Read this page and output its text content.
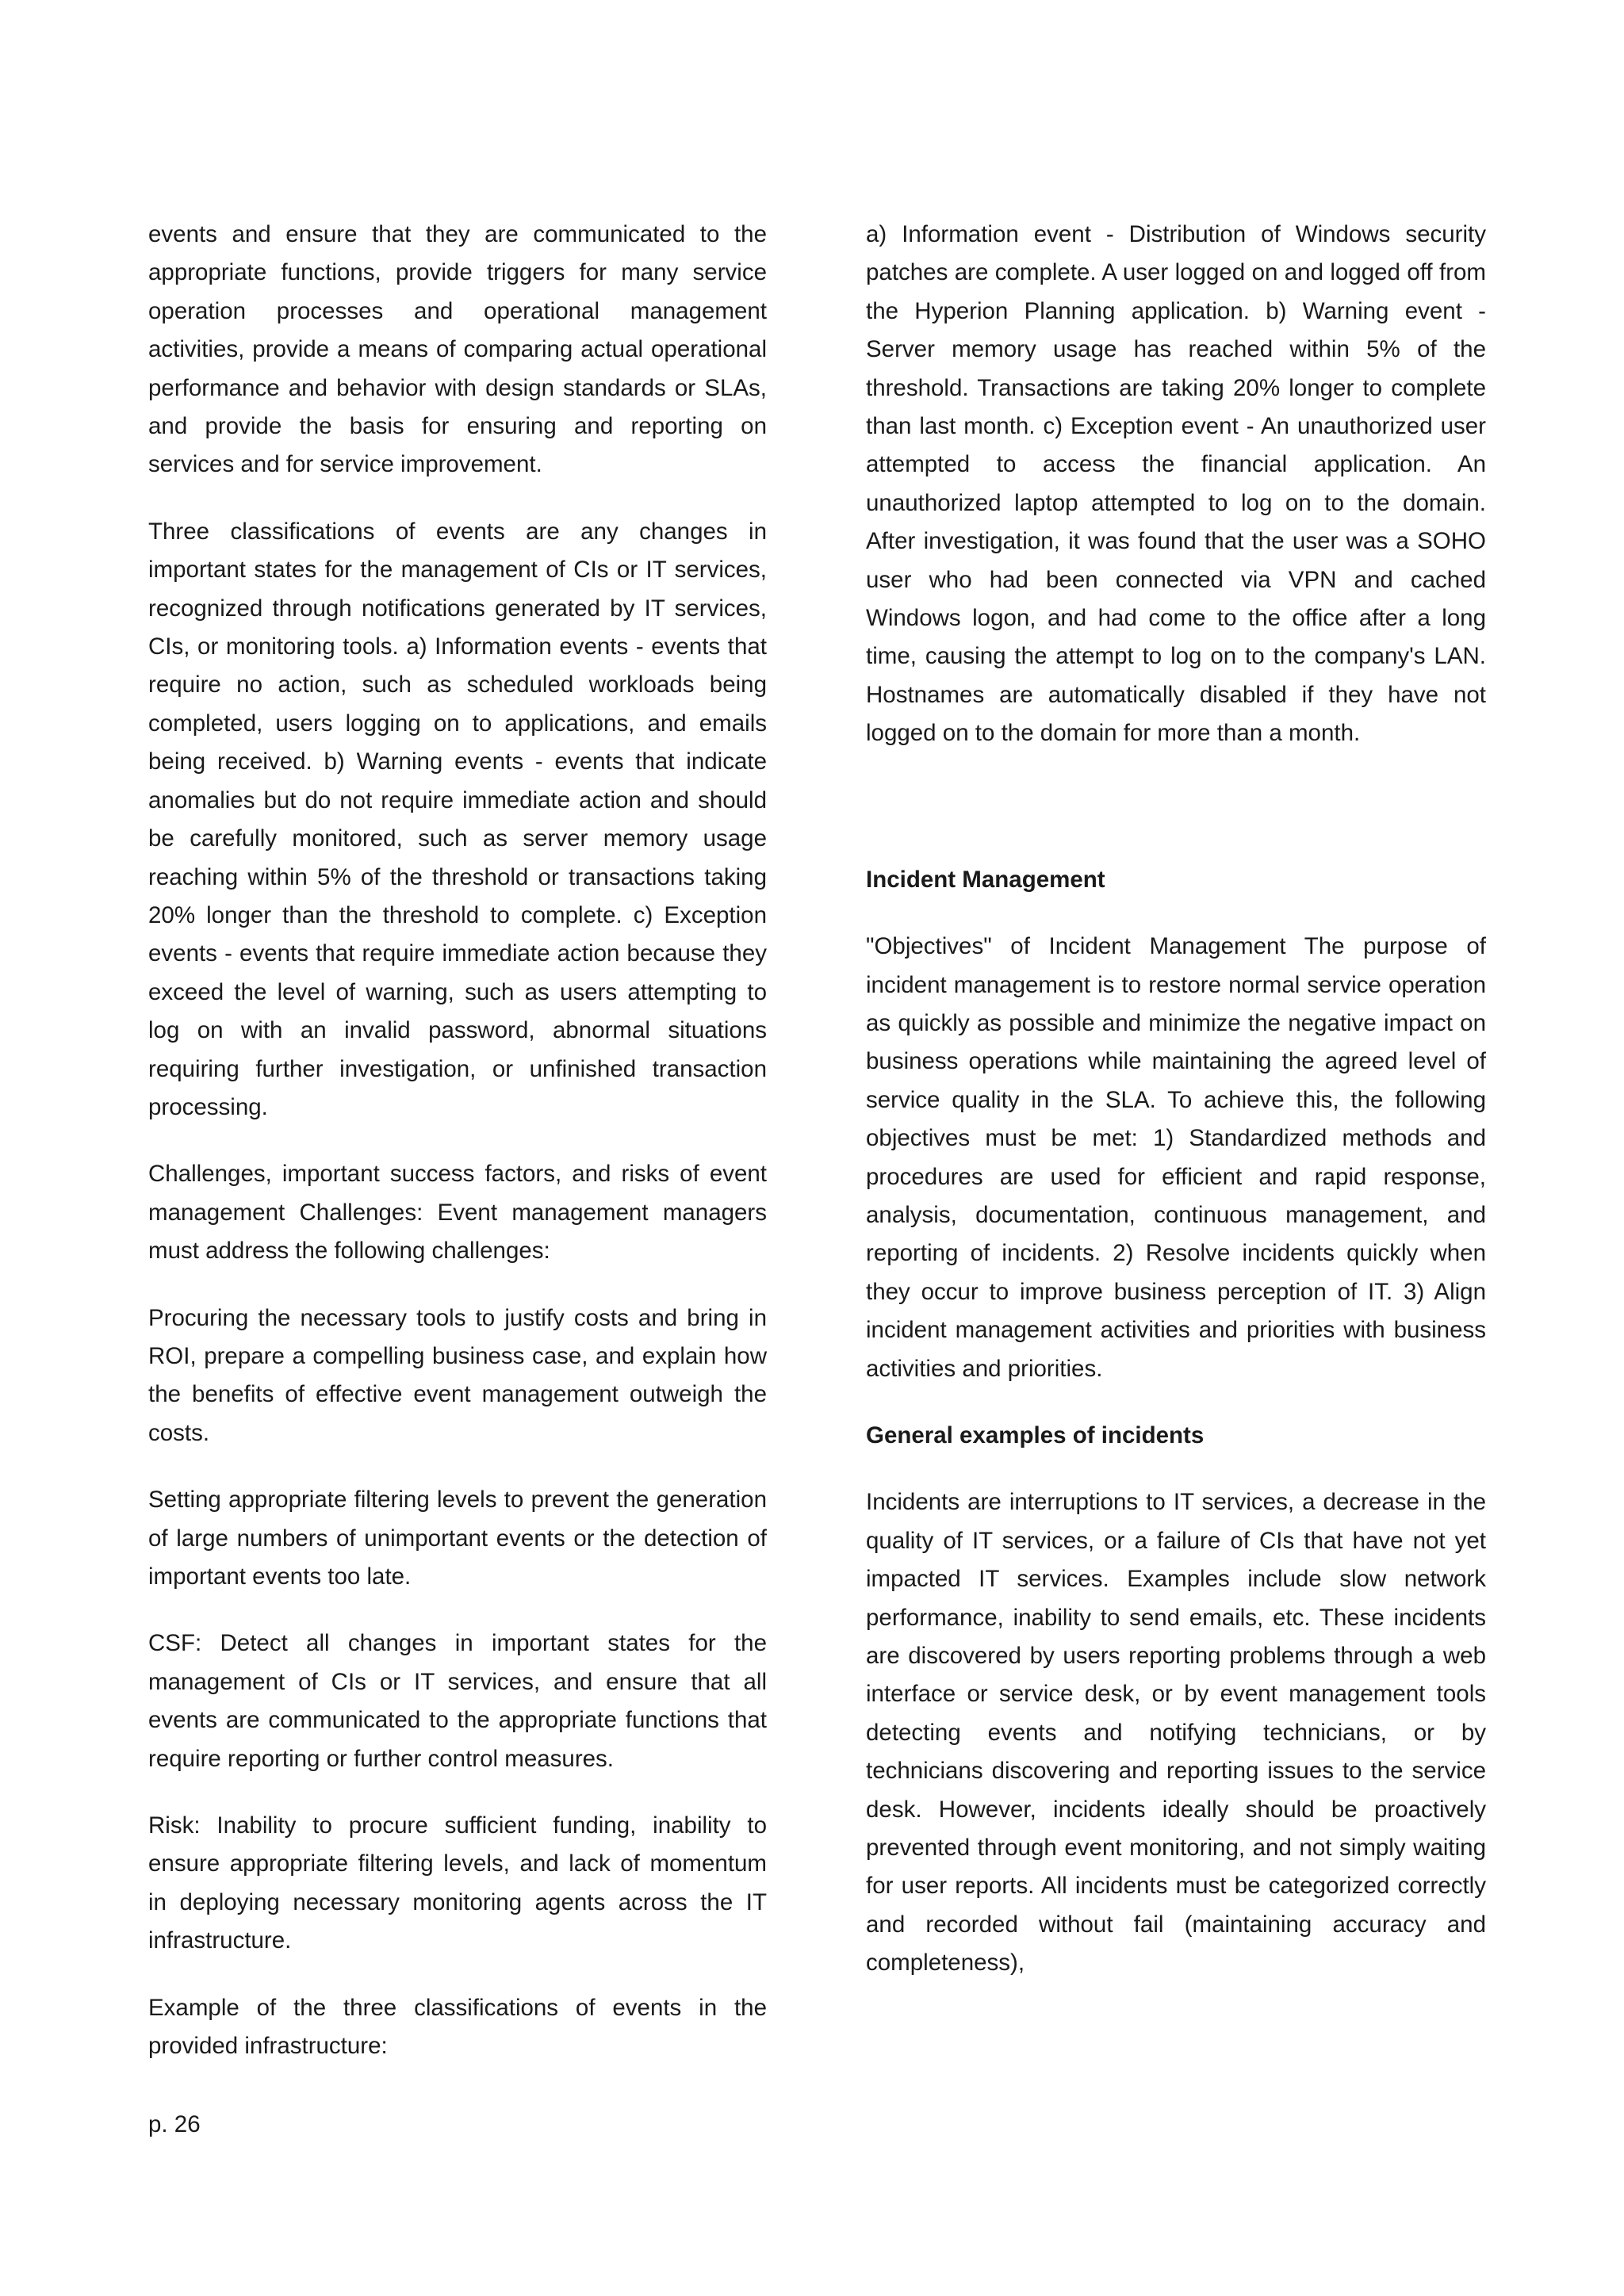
events and ensure that they are communicated to the appropriate functions, provide triggers for many service operation processes and operational management activities, provide a means of comparing actual operational performance and behavior with design standards or SLAs, and provide the basis for ensuring and reporting on services and for service improvement.

Three classifications of events are any changes in important states for the management of CIs or IT services, recognized through notifications generated by IT services, CIs, or monitoring tools. a) Information events - events that require no action, such as scheduled workloads being completed, users logging on to applications, and emails being received. b) Warning events - events that indicate anomalies but do not require immediate action and should be carefully monitored, such as server memory usage reaching within 5% of the threshold or transactions taking 20% longer than the threshold to complete. c) Exception events - events that require immediate action because they exceed the level of warning, such as users attempting to log on with an invalid password, abnormal situations requiring further investigation, or unfinished transaction processing.

Challenges, important success factors, and risks of event management Challenges: Event management managers must address the following challenges:

Procuring the necessary tools to justify costs and bring in ROI, prepare a compelling business case, and explain how the benefits of effective event management outweigh the costs.

Setting appropriate filtering levels to prevent the generation of large numbers of unimportant events or the detection of important events too late.

CSF: Detect all changes in important states for the management of CIs or IT services, and ensure that all events are communicated to the appropriate functions that require reporting or further control measures.

Risk: Inability to procure sufficient funding, inability to ensure appropriate filtering levels, and lack of momentum in deploying necessary monitoring agents across the IT infrastructure.

Example of the three classifications of events in the provided infrastructure:

a) Information event - Distribution of Windows security patches are complete. A user logged on and logged off from the Hyperion Planning application. b) Warning event - Server memory usage has reached within 5% of the threshold. Transactions are taking 20% longer to complete than last month. c) Exception event - An unauthorized user attempted to access the financial application. An unauthorized laptop attempted to log on to the domain. After investigation, it was found that the user was a SOHO user who had been connected via VPN and cached Windows logon, and had come to the office after a long time, causing the attempt to log on to the company's LAN. Hostnames are automatically disabled if they have not logged on to the domain for more than a month.

Incident Management

"Objectives" of Incident Management The purpose of incident management is to restore normal service operation as quickly as possible and minimize the negative impact on business operations while maintaining the agreed level of service quality in the SLA. To achieve this, the following objectives must be met: 1) Standardized methods and procedures are used for efficient and rapid response, analysis, documentation, continuous management, and reporting of incidents. 2) Resolve incidents quickly when they occur to improve business perception of IT. 3) Align incident management activities and priorities with business activities and priorities.

General examples of incidents

Incidents are interruptions to IT services, a decrease in the quality of IT services, or a failure of CIs that have not yet impacted IT services. Examples include slow network performance, inability to send emails, etc. These incidents are discovered by users reporting problems through a web interface or service desk, or by event management tools detecting events and notifying technicians, or by technicians discovering and reporting issues to the service desk. However, incidents ideally should be proactively prevented through event monitoring, and not simply waiting for user reports. All incidents must be categorized correctly and recorded without fail (maintaining accuracy and completeness),

p. 26
